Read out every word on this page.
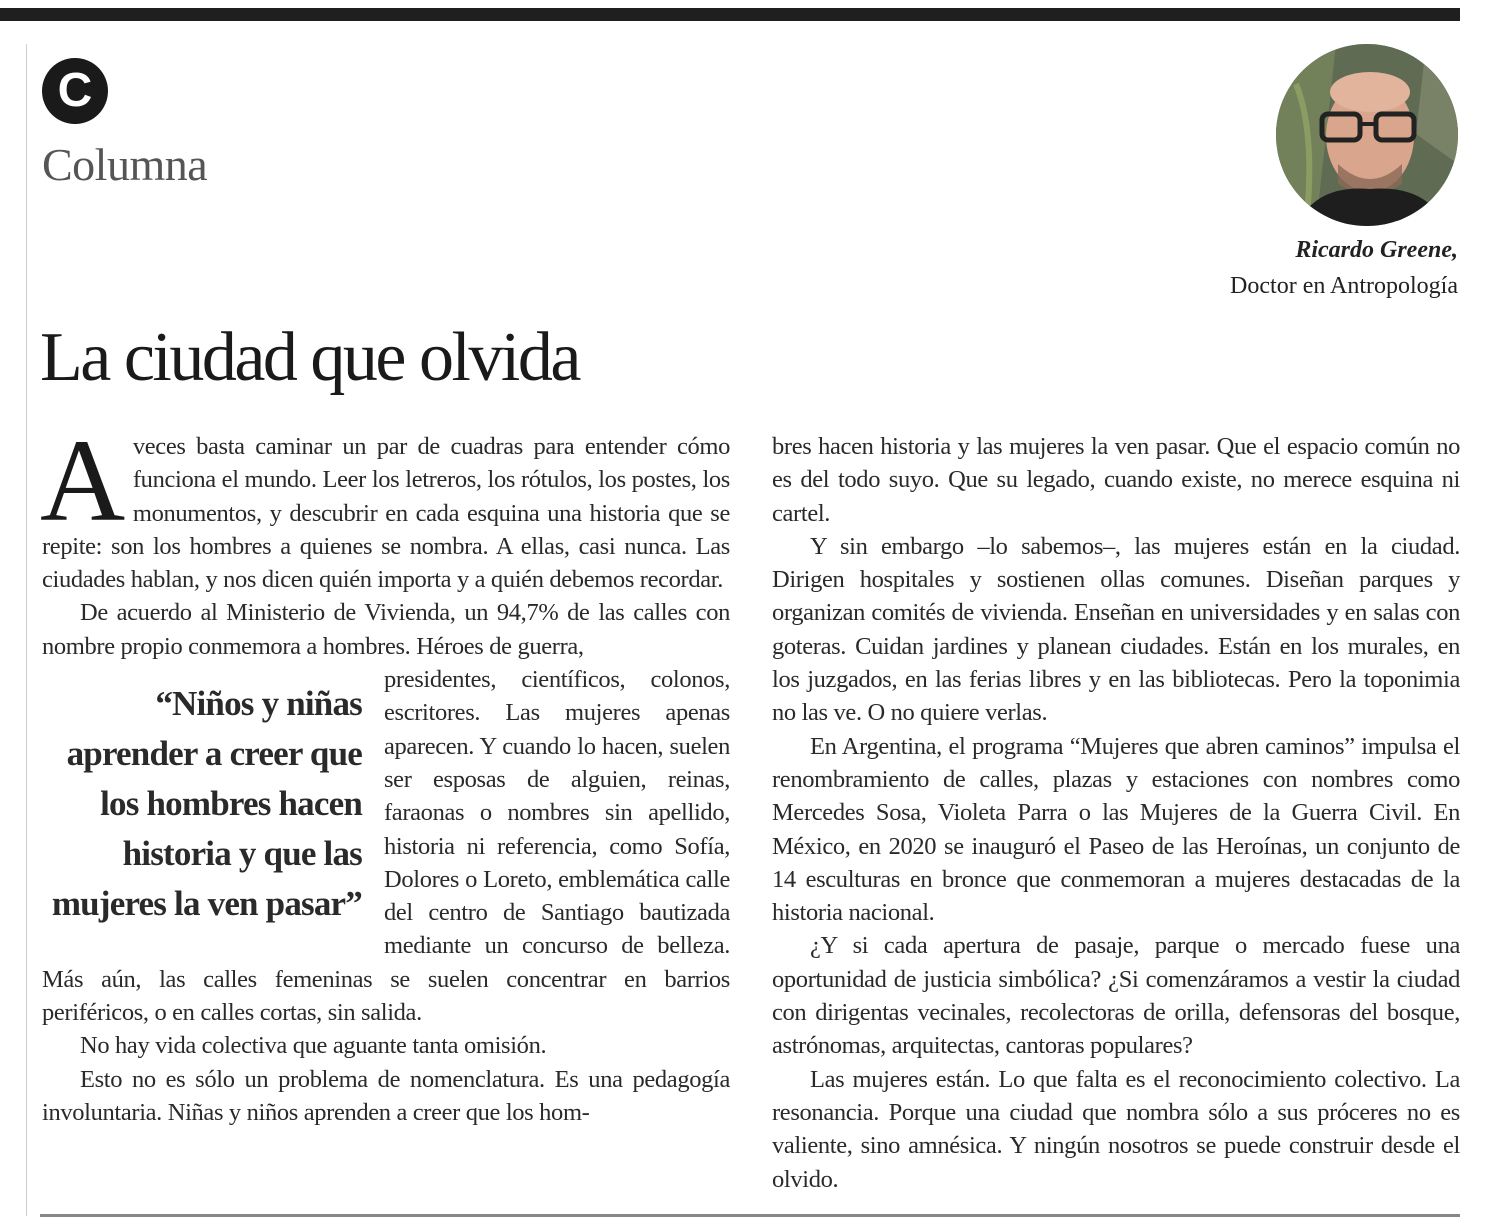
C
Columna
Ricardo Greene,
Doctor en Antropología
La ciudad que olvida

Aveces basta caminar un par de cuadras para entender cómo funciona el mundo. Leer los letreros, los rótulos, los postes, los monumentos, y descubrir en cada esquina una historia que se repite: son los hombres a quienes se nombra. A ellas, casi nunca. Las ciudades hablan, y nos dicen quién importa y a quién debemos recordar.

De acuerdo al Ministerio de Vivienda, un 94,7% de las calles con nombre propio conmemora a hombres. Héroes de guerra,

“Niños y niñas aprender a creer que los hombres hacen historia y que las mujeres la ven pasar”
presidentes, científicos, colonos, escritores. Las mujeres apenas aparecen. Y cuando lo hacen, suelen ser esposas de alguien, reinas, faraonas o nombres sin apellido, historia ni referencia, como Sofía, Dolores o Loreto, emblemática calle del centro de Santiago bautizada mediante un concurso de belleza. Más aún, las calles femeninas se suelen concentrar en barrios periféricos, o en calles cortas, sin salida.

No hay vida colectiva que aguante tanta omisión.

Esto no es sólo un problema de nomenclatura. Es una pedagogía involuntaria. Niñas y niños aprenden a creer que los hom-

bres hacen historia y las mujeres la ven pasar. Que el espacio común no es del todo suyo. Que su legado, cuando existe, no merece esquina ni cartel.

Y sin embargo –lo sabemos–, las mujeres están en la ciudad. Dirigen hospitales y sostienen ollas comunes. Diseñan parques y organizan comités de vivienda. Enseñan en universidades y en salas con goteras. Cuidan jardines y planean ciudades. Están en los murales, en los juzgados, en las ferias libres y en las bibliotecas. Pero la toponimia no las ve. O no quiere verlas.

En Argentina, el programa “Mujeres que abren caminos” impulsa el renombramiento de calles, plazas y estaciones con nombres como Mercedes Sosa, Violeta Parra o las Mujeres de la Guerra Civil. En México, en 2020 se inauguró el Paseo de las Heroínas, un conjunto de 14 esculturas en bronce que conmemoran a mujeres destacadas de la historia nacional.

¿Y si cada apertura de pasaje, parque o mercado fuese una oportunidad de justicia simbólica? ¿Si comenzáramos a vestir la ciudad con dirigentas vecinales, recolectoras de orilla, defensoras del bosque, astrónomas, arquitectas, cantoras populares?

Las mujeres están. Lo que falta es el reconocimiento colectivo. La resonancia. Porque una ciudad que nombra sólo a sus próceres no es valiente, sino amnésica. Y ningún nosotros se puede construir desde el olvido.
